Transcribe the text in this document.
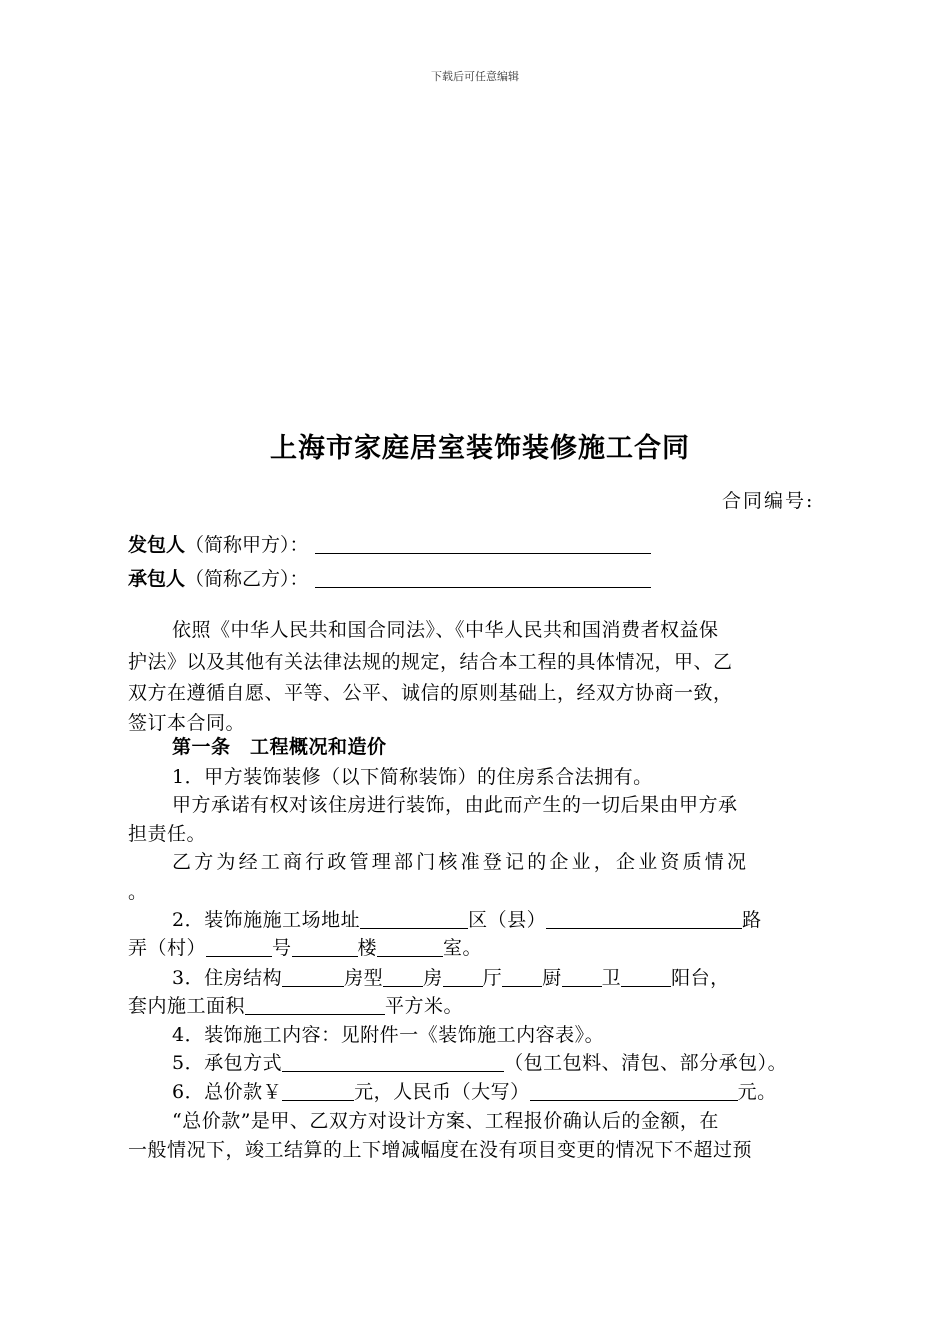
下载后可任意编辑
上海市家庭居室装饰装修施工合同
合同编号:
发包人（简称甲方）：
承包人（简称乙方）：
依照《中华人民共和国合同法》、《中华人民共和国消费者权益保
护法》以及其他有关法律法规的规定，结合本工程的具体情况，甲、乙
双方在遵循自愿、平等、公平、诚信的原则基础上，经双方协商一致，
签订本合同。
第一条　工程概况和造价
1．甲方装饰装修（以下简称装饰）的住房系合法拥有。
甲方承诺有权对该住房进行装饰，由此而产生的一切后果由甲方承
担责任。
乙方为经工商行政管理部门核准登记的企业，企业资质情况
。
2．装饰施施工场地址	区（县）	路
弄（村）	号	楼	室。
3．住房结构	房型 房 厅 厨 卫	阳台，
套内施工面积	平方米。
4．装饰施工内容：见附件一《装饰施工内容表》。
5．承包方式	（包工包料、清包、部分承包）。
6．总价款￥	元，人民币（大写）	元。
“总价款”是甲、乙双方对设计方案、工程报价确认后的金额，在
一般情况下，竣工结算的上下增减幅度在没有项目变更的情况下不超过预
